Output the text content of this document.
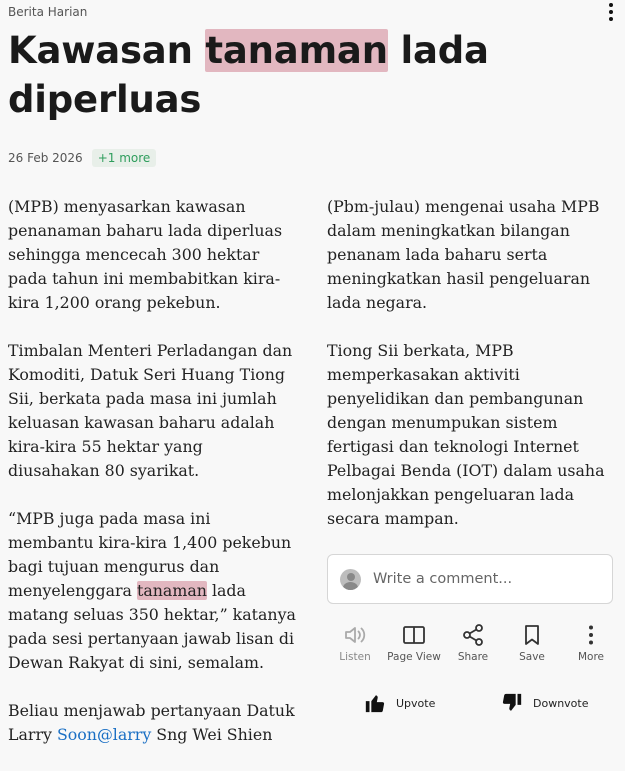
Berita Harian
Kawasan tanaman lada diperluas
26 Feb 2026	+1 more

(MPB) menyasarkan kawasan penanaman baharu lada diperluas sehingga mencecah 300 hektar pada tahun ini membabitkan kira-kira 1,200 orang pekebun.

Timbalan Menteri Perladangan dan Komoditi, Datuk Seri Huang Tiong Sii, berkata pada masa ini jumlah keluasan kawasan baharu adalah kira-kira 55 hektar yang diusahakan 80 syarikat.

“MPB juga pada masa ini membantu kira-kira 1,400 pekebun bagi tujuan mengurus dan menyelenggara tanaman lada matang seluas 350 hektar,” katanya pada sesi pertanyaan jawab lisan di Dewan Rakyat di sini, semalam.

Beliau menjawab pertanyaan Datuk Larry Soon@larry Sng Wei Shien

(Pbm-julau) mengenai usaha MPB dalam meningkatkan bilangan penanam lada baharu serta meningkatkan hasil pengeluaran lada negara.

Tiong Sii berkata, MPB memperkasakan aktiviti penyelidikan dan pembangunan dengan menumpukan sistem fertigasi dan teknologi Internet Pelbagai Benda (IOT) dalam usaha melonjakkan pengeluaran lada secara mampan.

Write a comment...
Listen Page View Share	Save	More
Upvote	Downvote
